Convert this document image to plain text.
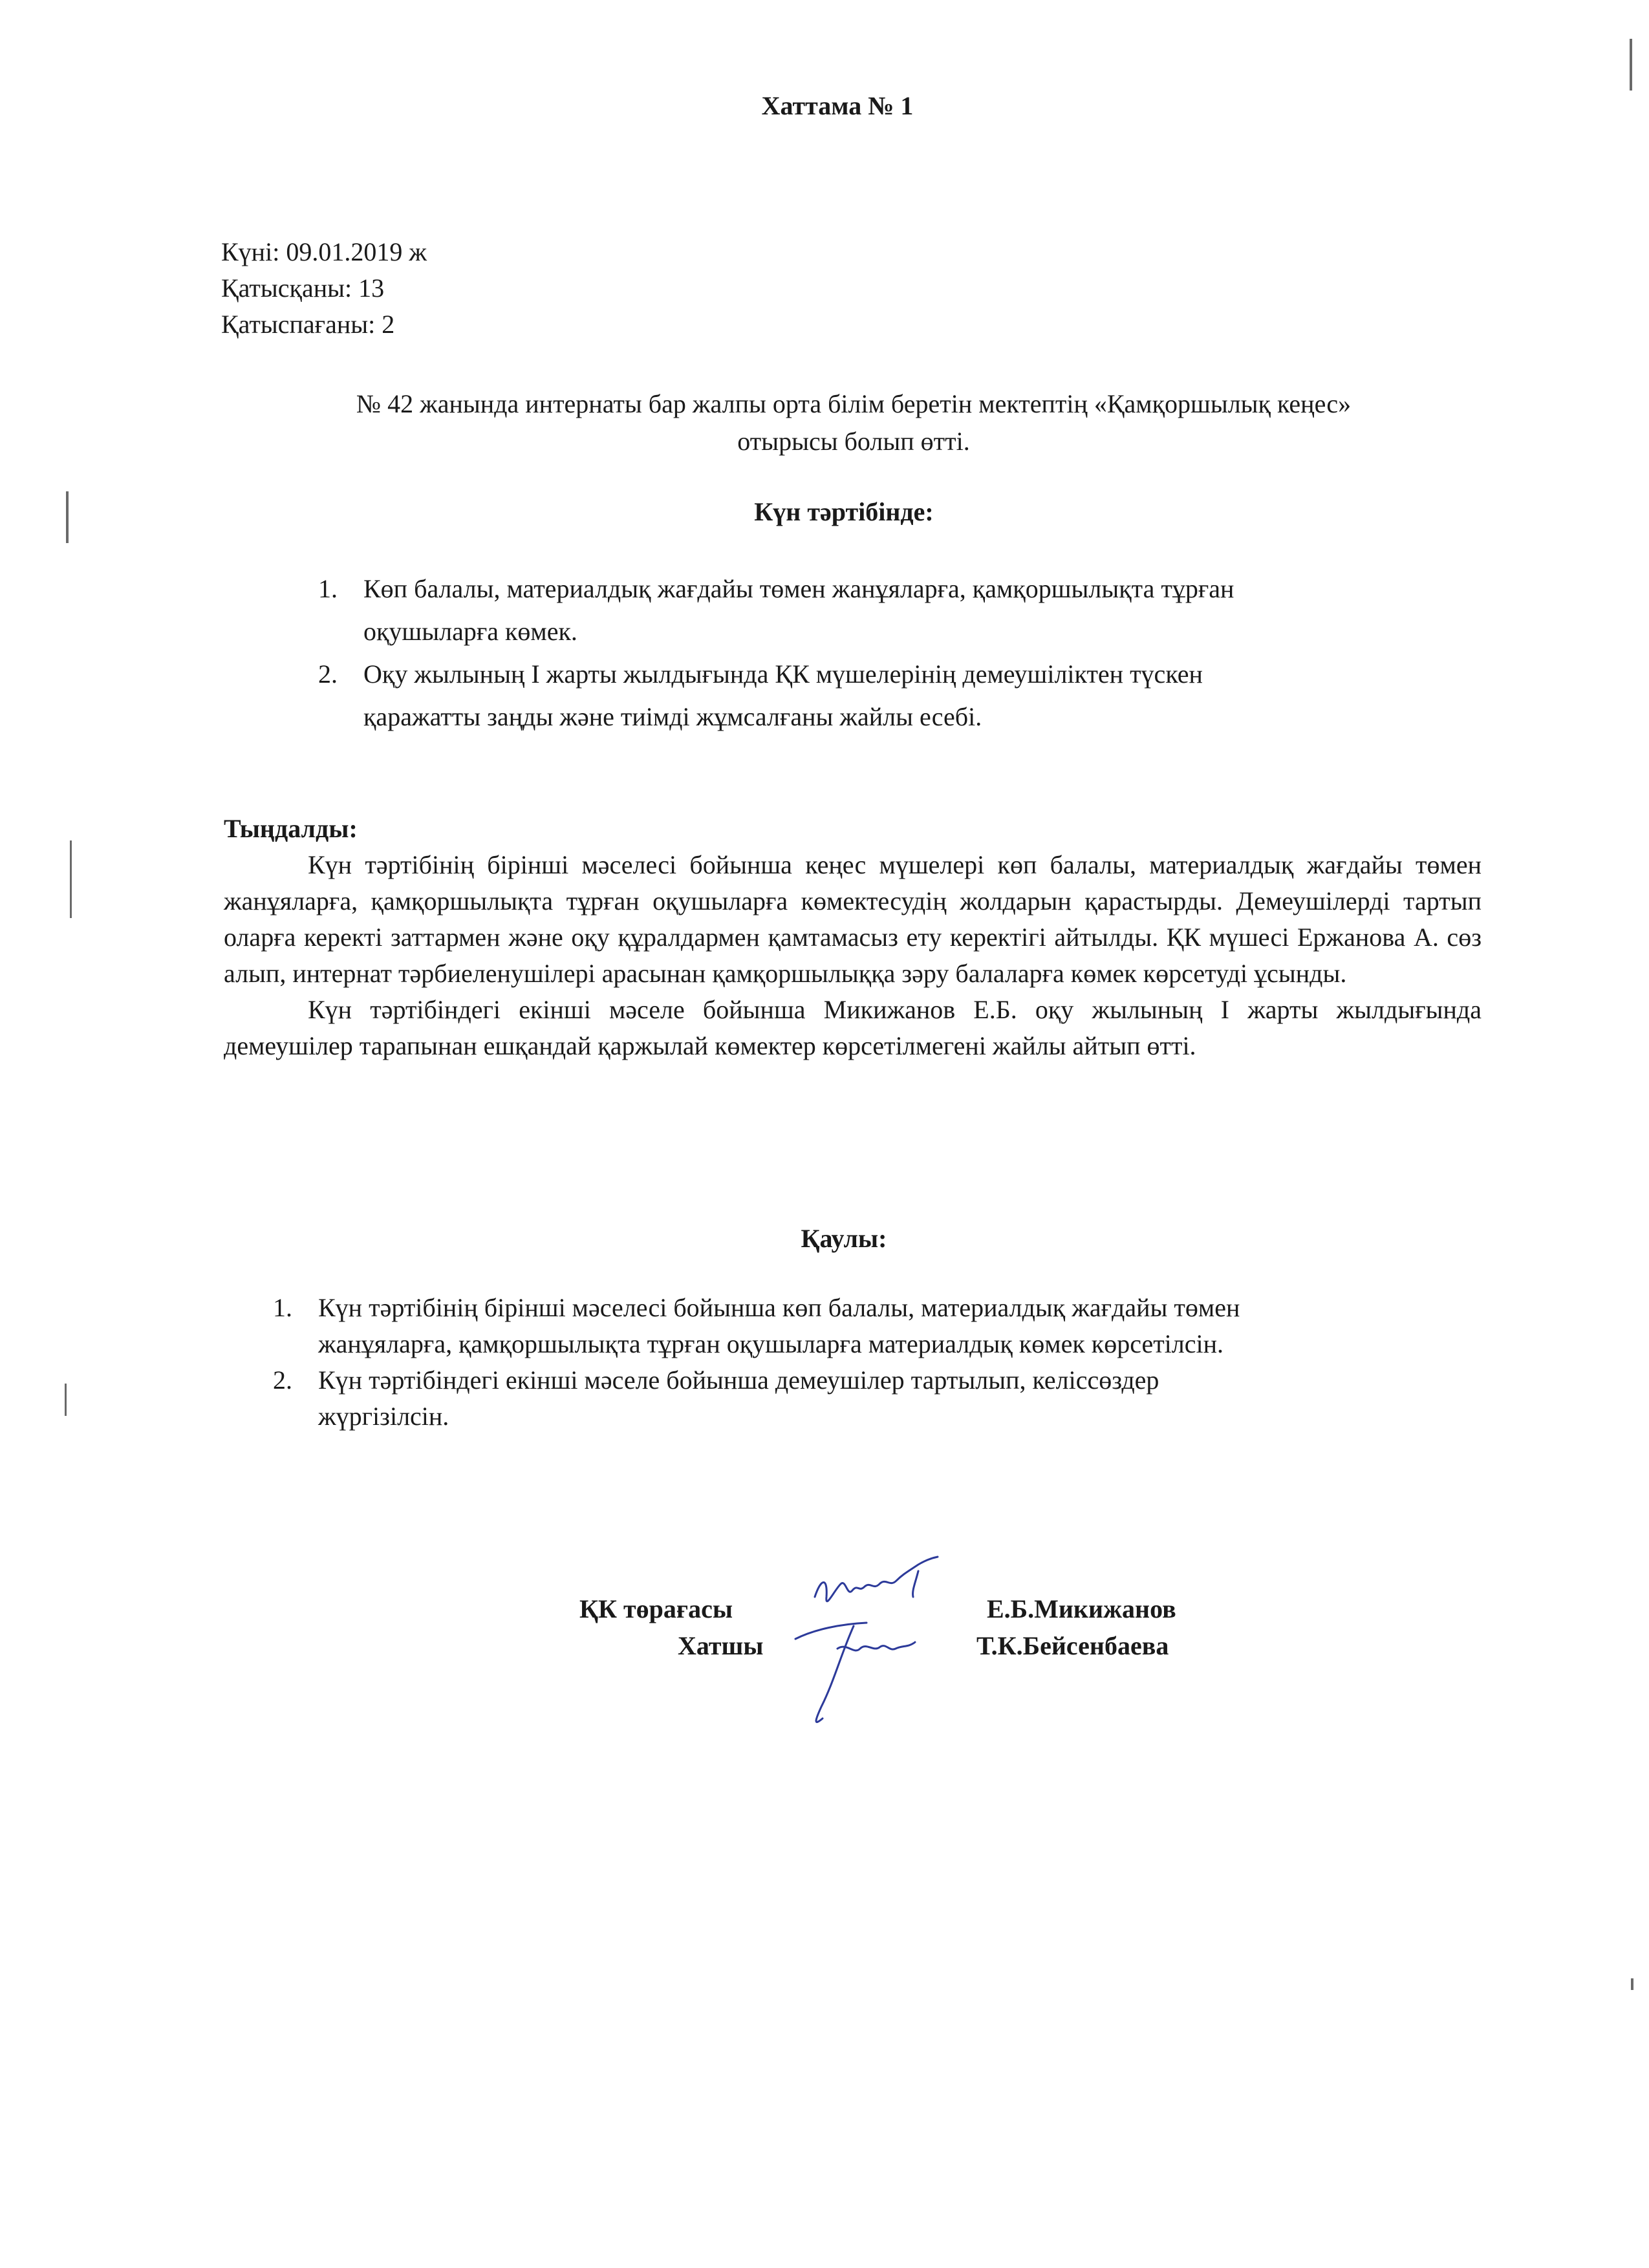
Хаттама № 1
Күні: 09.01.2019 ж
Қатысқаны: 13
Қатыспағаны: 2
№ 42 жанында интернаты бар жалпы орта білім беретін мектептің «Қамқоршылық кеңес»
отырысы болып өтті.
Күн тәртібінде:
1. Көп балалы, материалдық жағдайы төмен жанұяларға, қамқоршылықта тұрған
оқушыларға көмек.
2. Оқу жылының І жарты жылдығында ҚК мүшелерінің демеушіліктен түскен
қаражатты заңды және тиімді жұмсалғаны жайлы есебі.
Тыңдалды:

Күн тәртібінің бірінші мәселесі бойынша кеңес мүшелері көп балалы, материалдық жағдайы төмен жанұяларға, қамқоршылықта тұрған оқушыларға көмектесудің жолдарын қарастырды. Демеушілерді тартып оларға керекті заттармен және оқу құралдармен қамтамасыз ету керектігі айтылды. ҚК мүшесі Ержанова А. сөз алып, интернат тәрбиеленушілері арасынан қамқоршылыққа зәру балаларға көмек көрсетуді ұсынды.

Күн тәртібіндегі екінші мәселе бойынша Микижанов Е.Б. оқу жылының І жарты жылдығында демеушілер тарапынан ешқандай қаржылай көмектер көрсетілмегені жайлы айтып өтті.

Қаулы:
1. Күн тәртібінің бірінші мәселесі бойынша көп балалы, материалдық жағдайы төмен
жанұяларға, қамқоршылықта тұрған оқушыларға материалдық көмек көрсетілсін.
2. Күн тәртібіндегі екінші мәселе бойынша демеушілер тартылып, келіссөздер
жүргізілсін.
ҚК төрағасы	Е.Б.Микижанов
Хатшы	Т.К.Бейсенбаева
